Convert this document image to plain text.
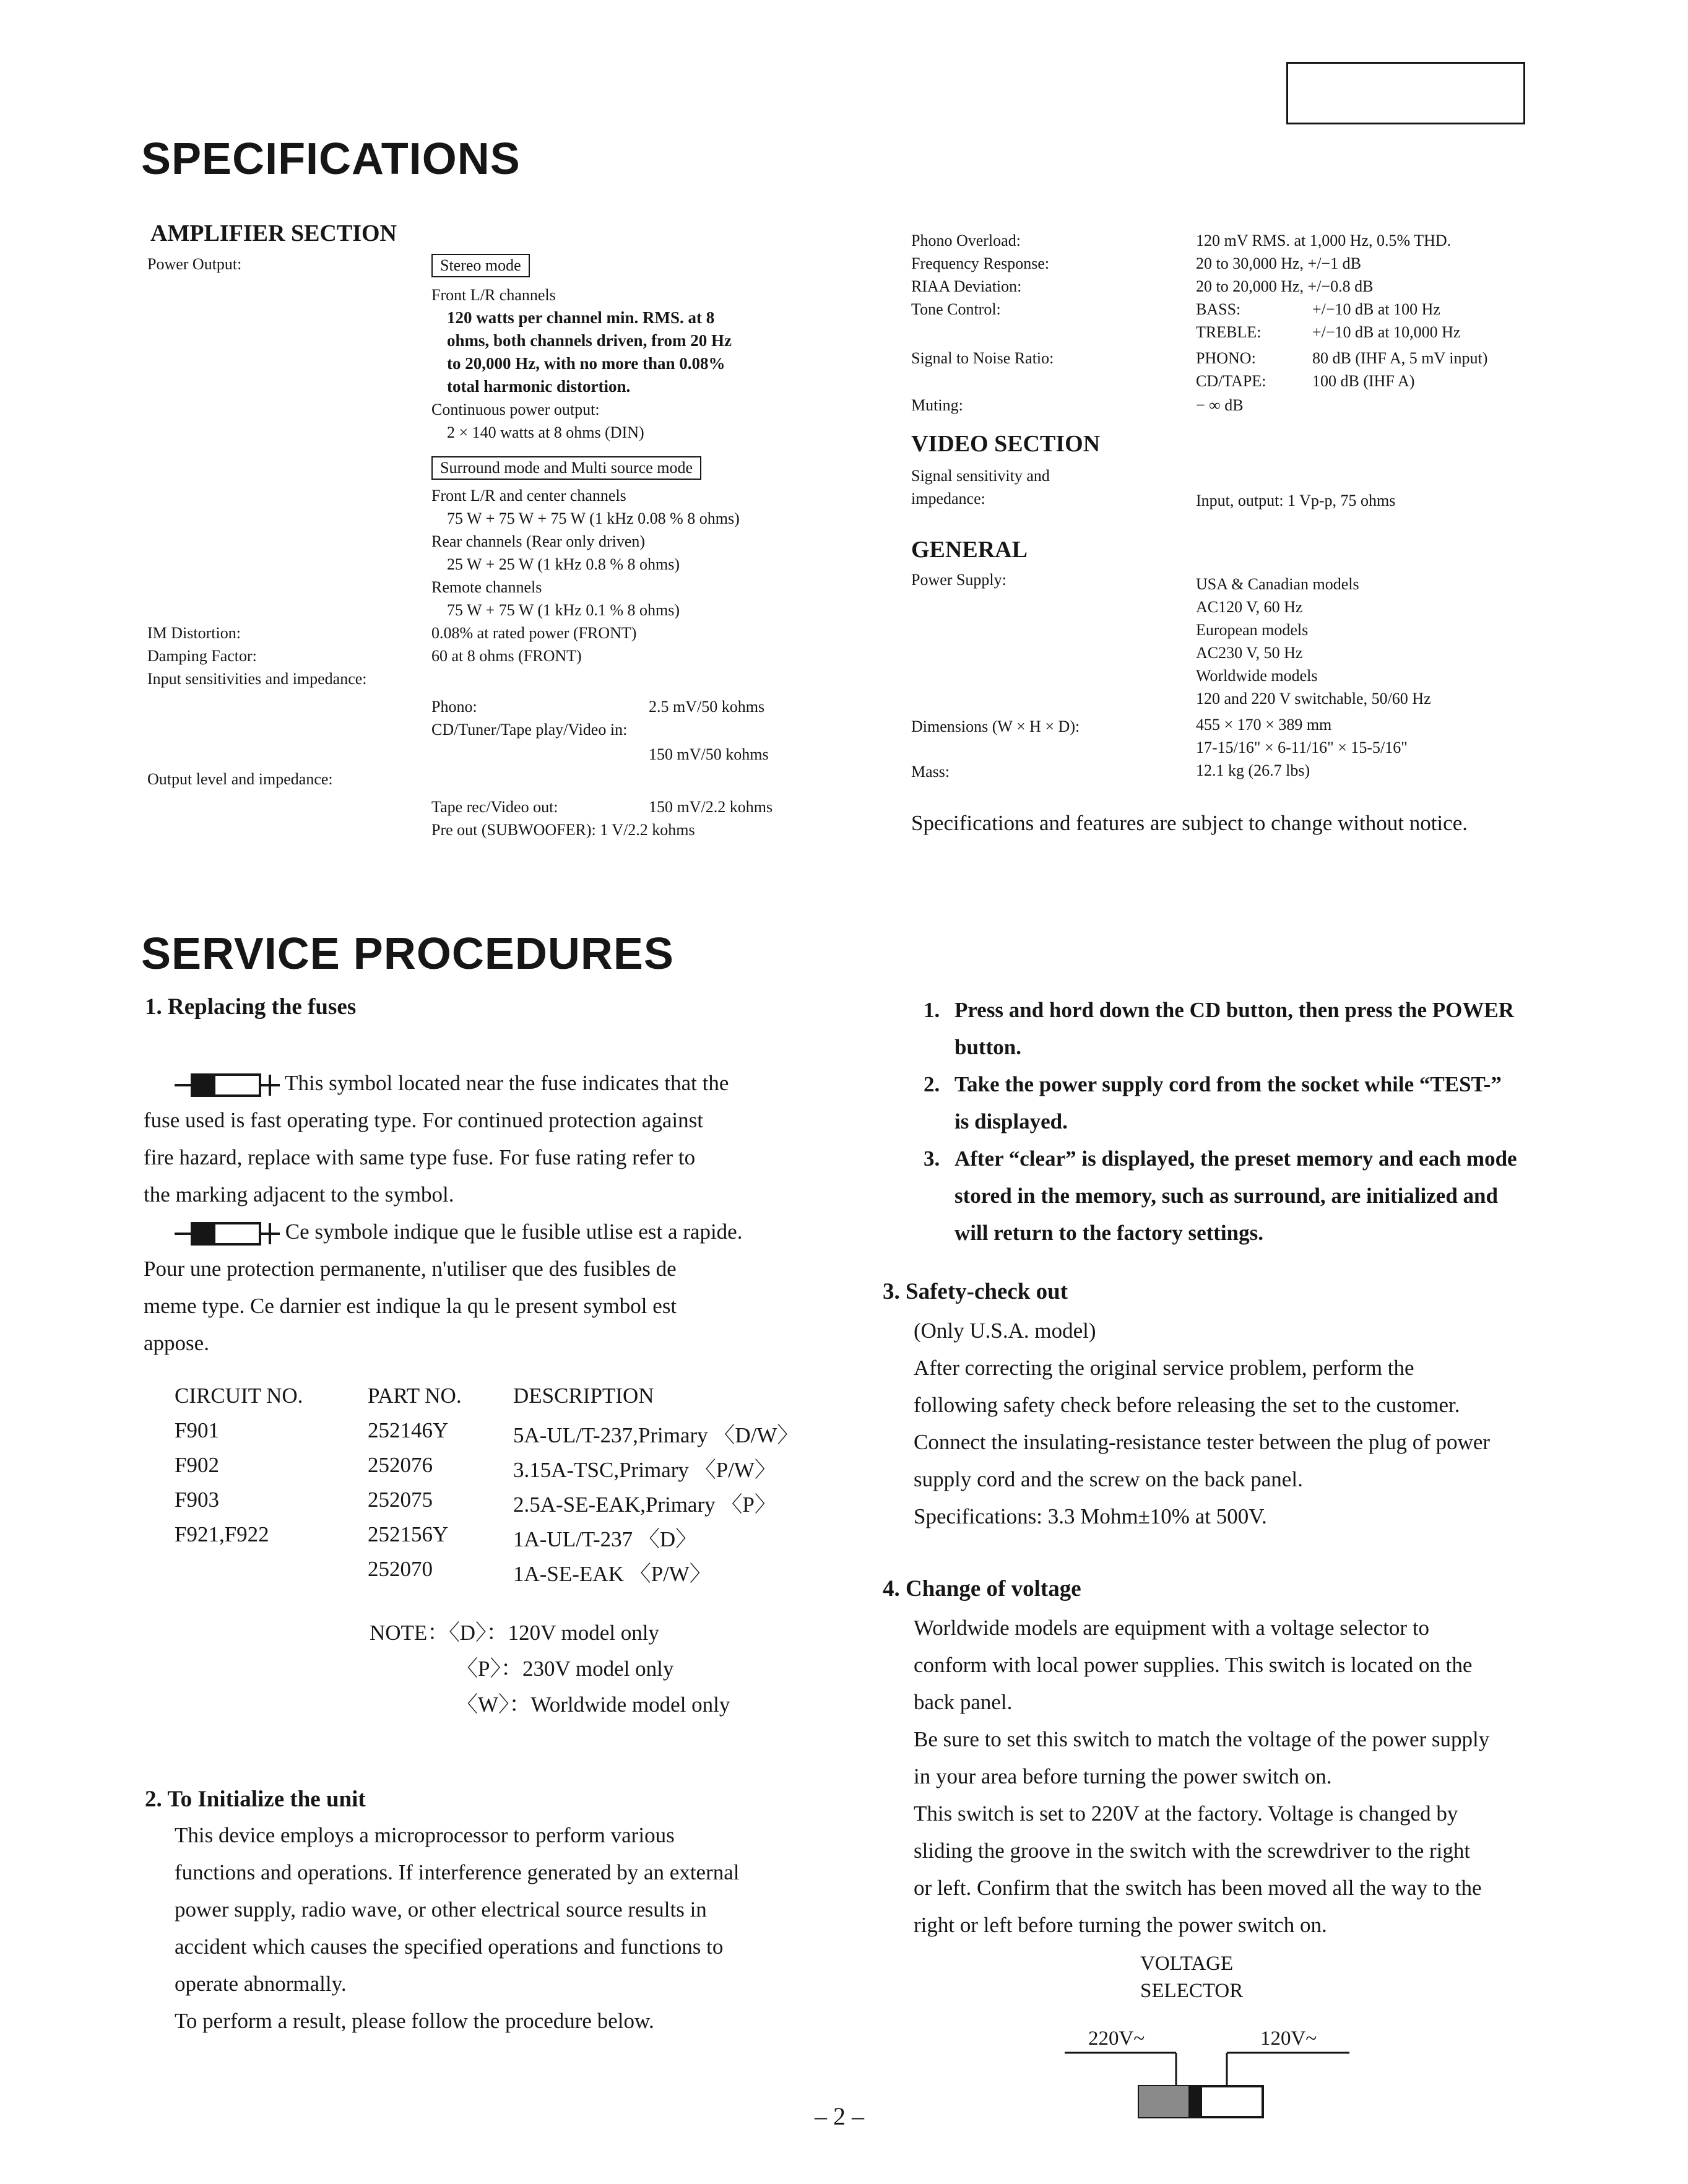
SPECIFICATIONS
AMPLIFIER SECTION
Power Output:	Stereo mode
Front L/R channels
120 watts per channel min. RMS. at 8
ohms, both channels driven, from 20 Hz
to 20,000 Hz, with no more than 0.08%
total harmonic distortion.
Continuous power output:
2 × 140 watts at 8 ohms (DIN)
Surround mode and Multi source mode
Front L/R and center channels
75 W + 75 W + 75 W (1 kHz 0.08 % 8 ohms)
Rear channels (Rear only driven)
25 W + 25 W (1 kHz 0.8 % 8 ohms)
Remote channels
75 W + 75 W (1 kHz 0.1 % 8 ohms)
IM Distortion:	0.08% at rated power (FRONT)
Damping Factor:	60 at 8 ohms (FRONT)
Input sensitivities and impedance:
Phono:	2.5 mV/50 kohms
CD/Tuner/Tape play/Video in:
150 mV/50 kohms
Output level and impedance:
Tape rec/Video out:	150 mV/2.2 kohms
Pre out (SUBWOOFER): 1 V/2.2 kohms
Phono Overload:	120 mV RMS. at 1,000 Hz, 0.5% THD.
Frequency Response:	20 to 30,000 Hz, +/−1 dB
RIAA Deviation:	20 to 20,000 Hz, +/−0.8 dB
Tone Control:	BASS:	+/−10 dB at 100 Hz
TREBLE:	+/−10 dB at 10,000 Hz
Signal to Noise Ratio:	PHONO:	80 dB (IHF A, 5 mV input)
CD/TAPE:	100 dB (IHF A)
Muting:	− ∞ dB
VIDEO SECTION
Signal sensitivity and
impedance:	Input, output: 1 Vp-p, 75 ohms
GENERAL
Power Supply:	USA & Canadian models
AC120 V, 60 Hz
European models
AC230 V, 50 Hz
Worldwide models
120 and 220 V switchable, 50/60 Hz
Dimensions (W × H × D):	455 × 170 × 389 mm
17-15/16" × 6-11/16" × 15-5/16"
Mass:	12.1 kg (26.7 lbs)
Specifications and features are subject to change without notice.
SERVICE PROCEDURES
1. Replacing the fuses
This symbol located near the fuse indicates that the
fuse used is fast operating type. For continued protection against
fire hazard, replace with same type fuse. For fuse rating refer to
the marking adjacent to the symbol.
Ce symbole indique que le fusible utlise est a rapide.
Pour une protection permanente, n'utiliser que des fusibles de
meme type. Ce darnier est indique la qu le present symbol est
appose.
CIRCUIT NO.	PART NO.	DESCRIPTION
F901	252146Y	5A-UL/T-237,Primary 〈D/W〉
F902	252076	3.15A-TSC,Primary 〈P/W〉
F903	252075	2.5A-SE-EAK,Primary 〈P〉
F921,F922	252156Y	1A-UL/T-237 〈D〉
	252070	1A-SE-EAK 〈P/W〉
NOTE：〈D〉：120V model only
〈P〉：230V model only
〈W〉：Worldwide model only
2. To Initialize the unit
This device employs a microprocessor to perform various
functions and operations. If interference generated by an external
power supply, radio wave, or other electrical source results in
accident which causes the specified operations and functions to
operate abnormally.
To perform a result, please follow the procedure below.
1. Press and hord down the CD button, then press the POWER
button.
2. Take the power supply cord from the socket while “TEST-”
is displayed.
3. After “clear” is displayed, the preset memory and each mode
stored in the memory, such as surround, are initialized and
will return to the factory settings.
3. Safety-check out
(Only U.S.A. model)
After correcting the original service problem, perform the
following safety check before releasing the set to the customer.
Connect the insulating-resistance tester between the plug of power
supply cord and the screw on the back panel.
Specifications: 3.3 Mohm±10% at 500V.
4. Change of voltage
Worldwide models are equipment with a voltage selector to
conform with local power supplies. This switch is located on the
back panel.
Be sure to set this switch to match the voltage of the power supply
in your area before turning the power switch on.
This switch is set to 220V at the factory. Voltage is changed by
sliding the groove in the switch with the screwdriver to the right
or left. Confirm that the switch has been moved all the way to the
right or left before turning the power switch on.
VOLTAGE
SELECTOR
220V~	120V~
– 2 –
